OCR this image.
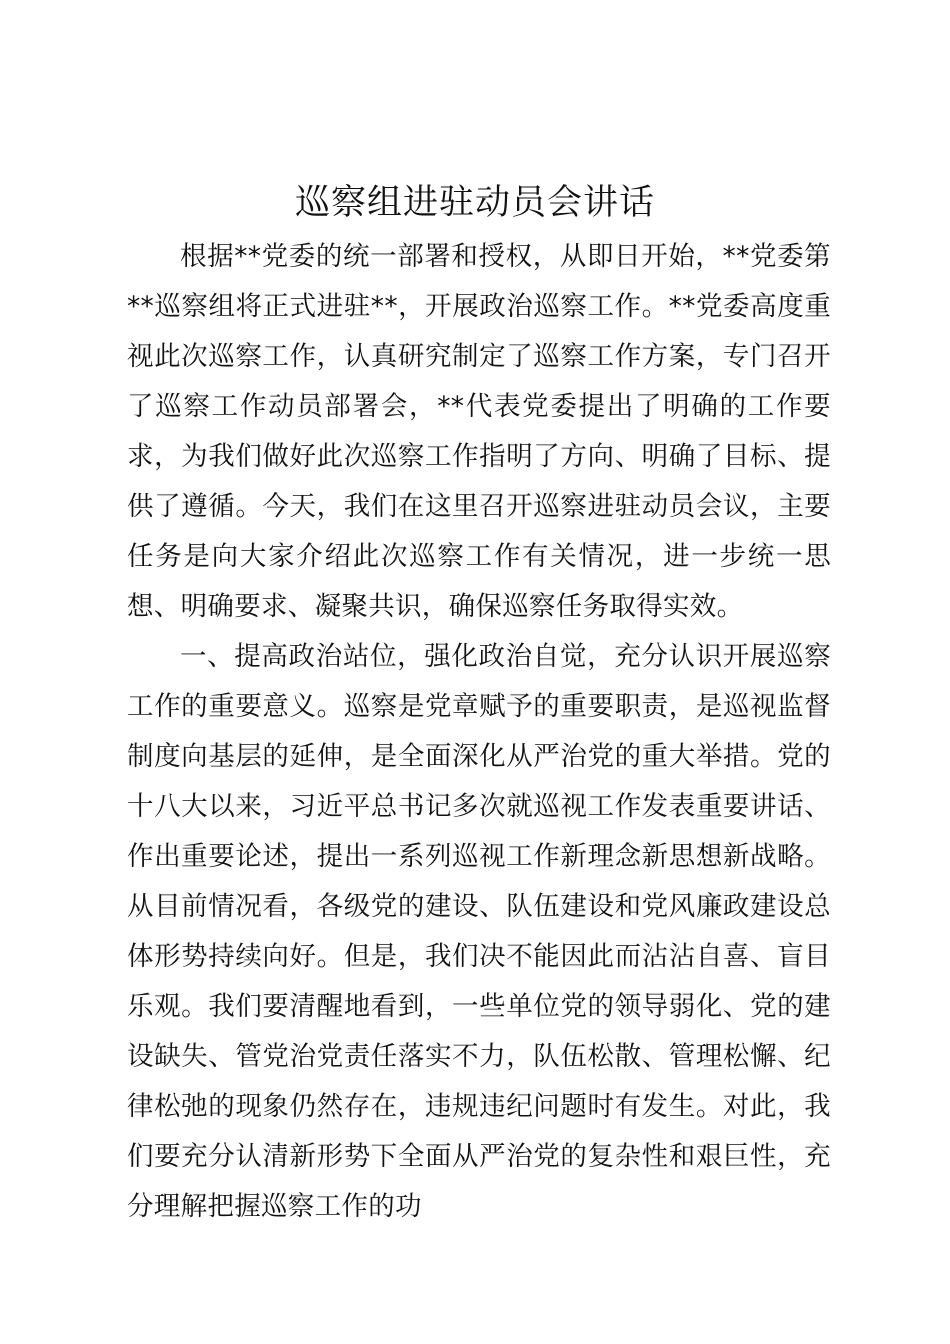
巡察组进驻动员会讲话

根据**党委的统一部署和授权，从即日开始，**党委第**巡察组将正式进驻**，开展政治巡察工作。**党委高度重视此次巡察工作，认真研究制定了巡察工作方案，专门召开了巡察工作动员部署会，**代表党委提出了明确的工作要求，为我们做好此次巡察工作指明了方向、明确了目标、提供了遵循。今天，我们在这里召开巡察进驻动员会议，主要任务是向大家介绍此次巡察工作有关情况，进一步统一思想、明确要求、凝聚共识，确保巡察任务取得实效。

一、提高政治站位，强化政治自觉，充分认识开展巡察工作的重要意义。巡察是党章赋予的重要职责，是巡视监督制度向基层的延伸，是全面深化从严治党的重大举措。党的十八大以来，习近平总书记多次就巡视工作发表重要讲话、作出重要论述，提出一系列巡视工作新理念新思想新战略。从目前情况看，各级党的建设、队伍建设和党风廉政建设总体形势持续向好。但是，我们决不能因此而沾沾自喜、盲目乐观。我们要清醒地看到，一些单位党的领导弱化、党的建设缺失、管党治党责任落实不力，队伍松散、管理松懈、纪律松弛的现象仍然存在，违规违纪问题时有发生。对此，我们要充分认清新形势下全面从严治党的复杂性和艰巨性，充分理解把握巡察工作的功
